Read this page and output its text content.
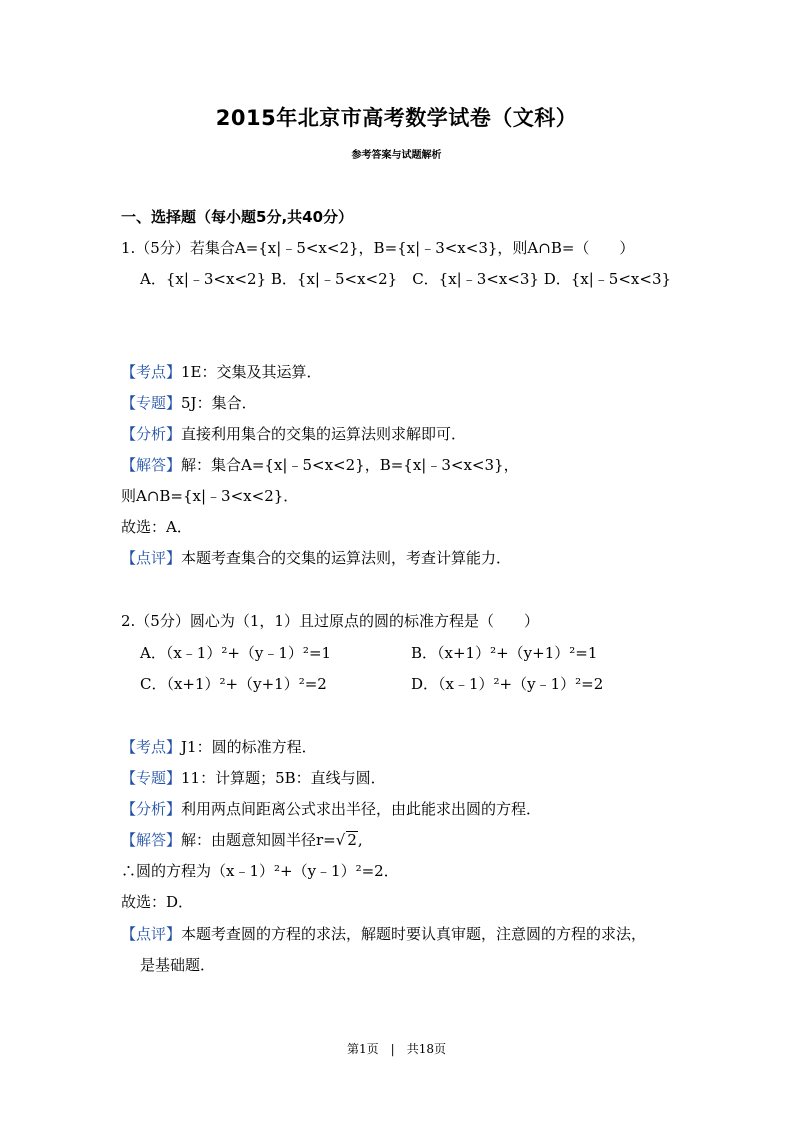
2015年北京市高考数学试卷（文科）
参考答案与试题解析
一、选择题（每小题5分,共40分）
1.（5分）若集合A={x|﹣5<x<2}，B={x|﹣3<x<3}，则A∩B=（　　）
A．{x|﹣3<x<2} B．{x|﹣5<x<2}　C．{x|﹣3<x<3} D．{x|﹣5<x<3}
【考点】1E：交集及其运算．
【专题】5J：集合．
【分析】直接利用集合的交集的运算法则求解即可．
【解答】解：集合A={x|﹣5<x<2}，B={x|﹣3<x<3}，
则A∩B={x|﹣3<x<2}．
故选：A．
【点评】本题考查集合的交集的运算法则，考查计算能力．
2.（5分）圆心为（1，1）且过原点的圆的标准方程是（　　）
A．（x﹣1）²+（y﹣1）²=1	B．（x+1）²+（y+1）²=1
C．（x+1）²+（y+1）²=2	D．（x﹣1）²+（y﹣1）²=2
【考点】J1：圆的标准方程．
【专题】11：计算题；5B：直线与圆．
【分析】利用两点间距离公式求出半径，由此能求出圆的方程．
【解答】解：由题意知圆半径r=√ 2,
∴圆的方程为（x﹣1）²+（y﹣1）²=2．
故选：D．
【点评】本题考查圆的方程的求法，解题时要认真审题，注意圆的方程的求法，
是基础题．
第1页　|　共18页
